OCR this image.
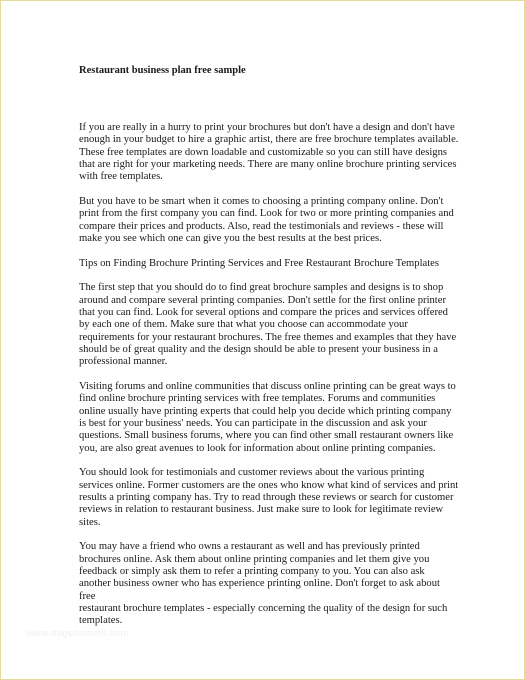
Restaurant business plan free sample

If you are really in a hurry to print your brochures but don't have a design and don't have
enough in your budget to hire a graphic artist, there are free brochure templates available.
These free templates are down loadable and customizable so you can still have designs
that are right for your marketing needs. There are many online brochure printing services
with free templates.

But you have to be smart when it comes to choosing a printing company online. Don't
print from the first company you can find. Look for two or more printing companies and
compare their prices and products. Also, read the testimonials and reviews - these will
make you see which one can give you the best results at the best prices.

Tips on Finding Brochure Printing Services and Free Restaurant Brochure Templates

The first step that you should do to find great brochure samples and designs is to shop
around and compare several printing companies. Don't settle for the first online printer
that you can find. Look for several options and compare the prices and services offered
by each one of them. Make sure that what you choose can accommodate your
requirements for your restaurant brochures. The free themes and examples that they have
should be of great quality and the design should be able to present your business in a
professional manner.

Visiting forums and online communities that discuss online printing can be great ways to
find online brochure printing services with free templates. Forums and communities
online usually have printing experts that could help you decide which printing company
is best for your business' needs. You can participate in the discussion and ask your
questions. Small business forums, where you can find other small restaurant owners like
you, are also great avenues to look for information about online printing companies.

You should look for testimonials and customer reviews about the various printing
services online. Former customers are the ones who know what kind of services and print
results a printing company has. Try to read through these reviews or search for customer
reviews in relation to restaurant business. Just make sure to look for legitimate review
sites.

You may have a friend who owns a restaurant as well and has previously printed
brochures online. Ask them about online printing companies and let them give you
feedback or simply ask them to refer a printing company to you. You can also ask
another business owner who has experience printing online. Don't forget to ask about free
restaurant brochure templates - especially concerning the quality of the design for such
templates.

www.ttagetlmoeth.com
